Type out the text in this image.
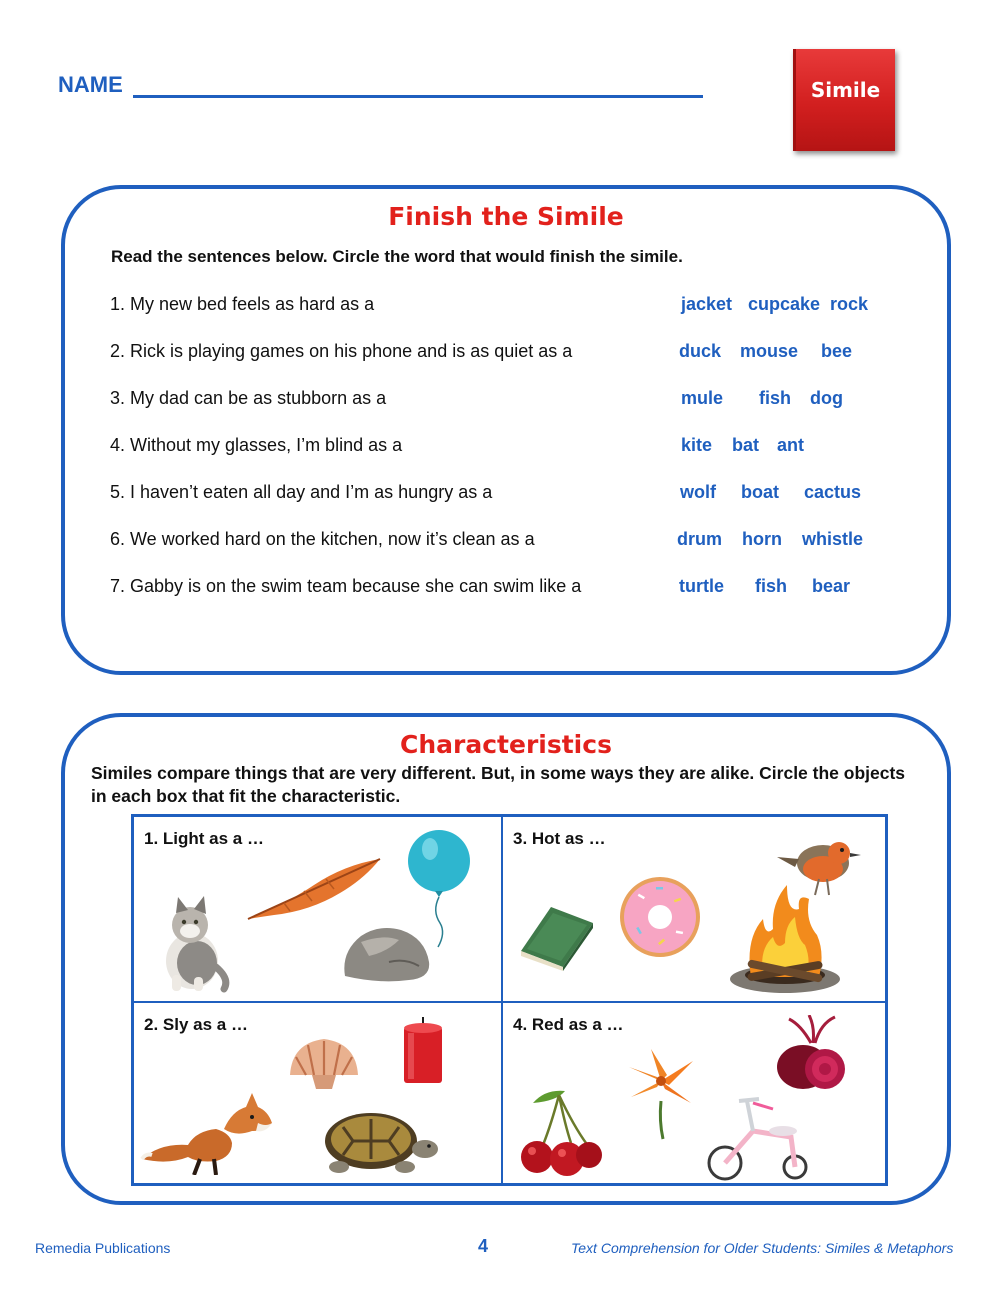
NAME	Simile
Finish the Simile
Read the sentences below. Circle the word that would finish the simile.
1. My new bed feels as hard as a	jacket cupcake rock
2. Rick is playing games on his phone and is as quiet as a	duck mouse bee
3. My dad can be as stubborn as a	mule fish dog
4. Without my glasses, I’m blind as a	kite bat ant
5. I haven’t eaten all day and I’m as hungry as a	wolf boat cactus
6. We worked hard on the kitchen, now it’s clean as a	drum horn whistle
7. Gabby is on the swim team because she can swim like a	turtle fish bear
Characteristics
Similes compare things that are very different. But, in some ways they are alike. Circle the objects in each box that fit the characteristic.
1. Light as a …	3. Hot as …
2. Sly as a …	4. Red as a …
Remedia Publications	4	Text Comprehension for Older Students: Similes & Metaphors
